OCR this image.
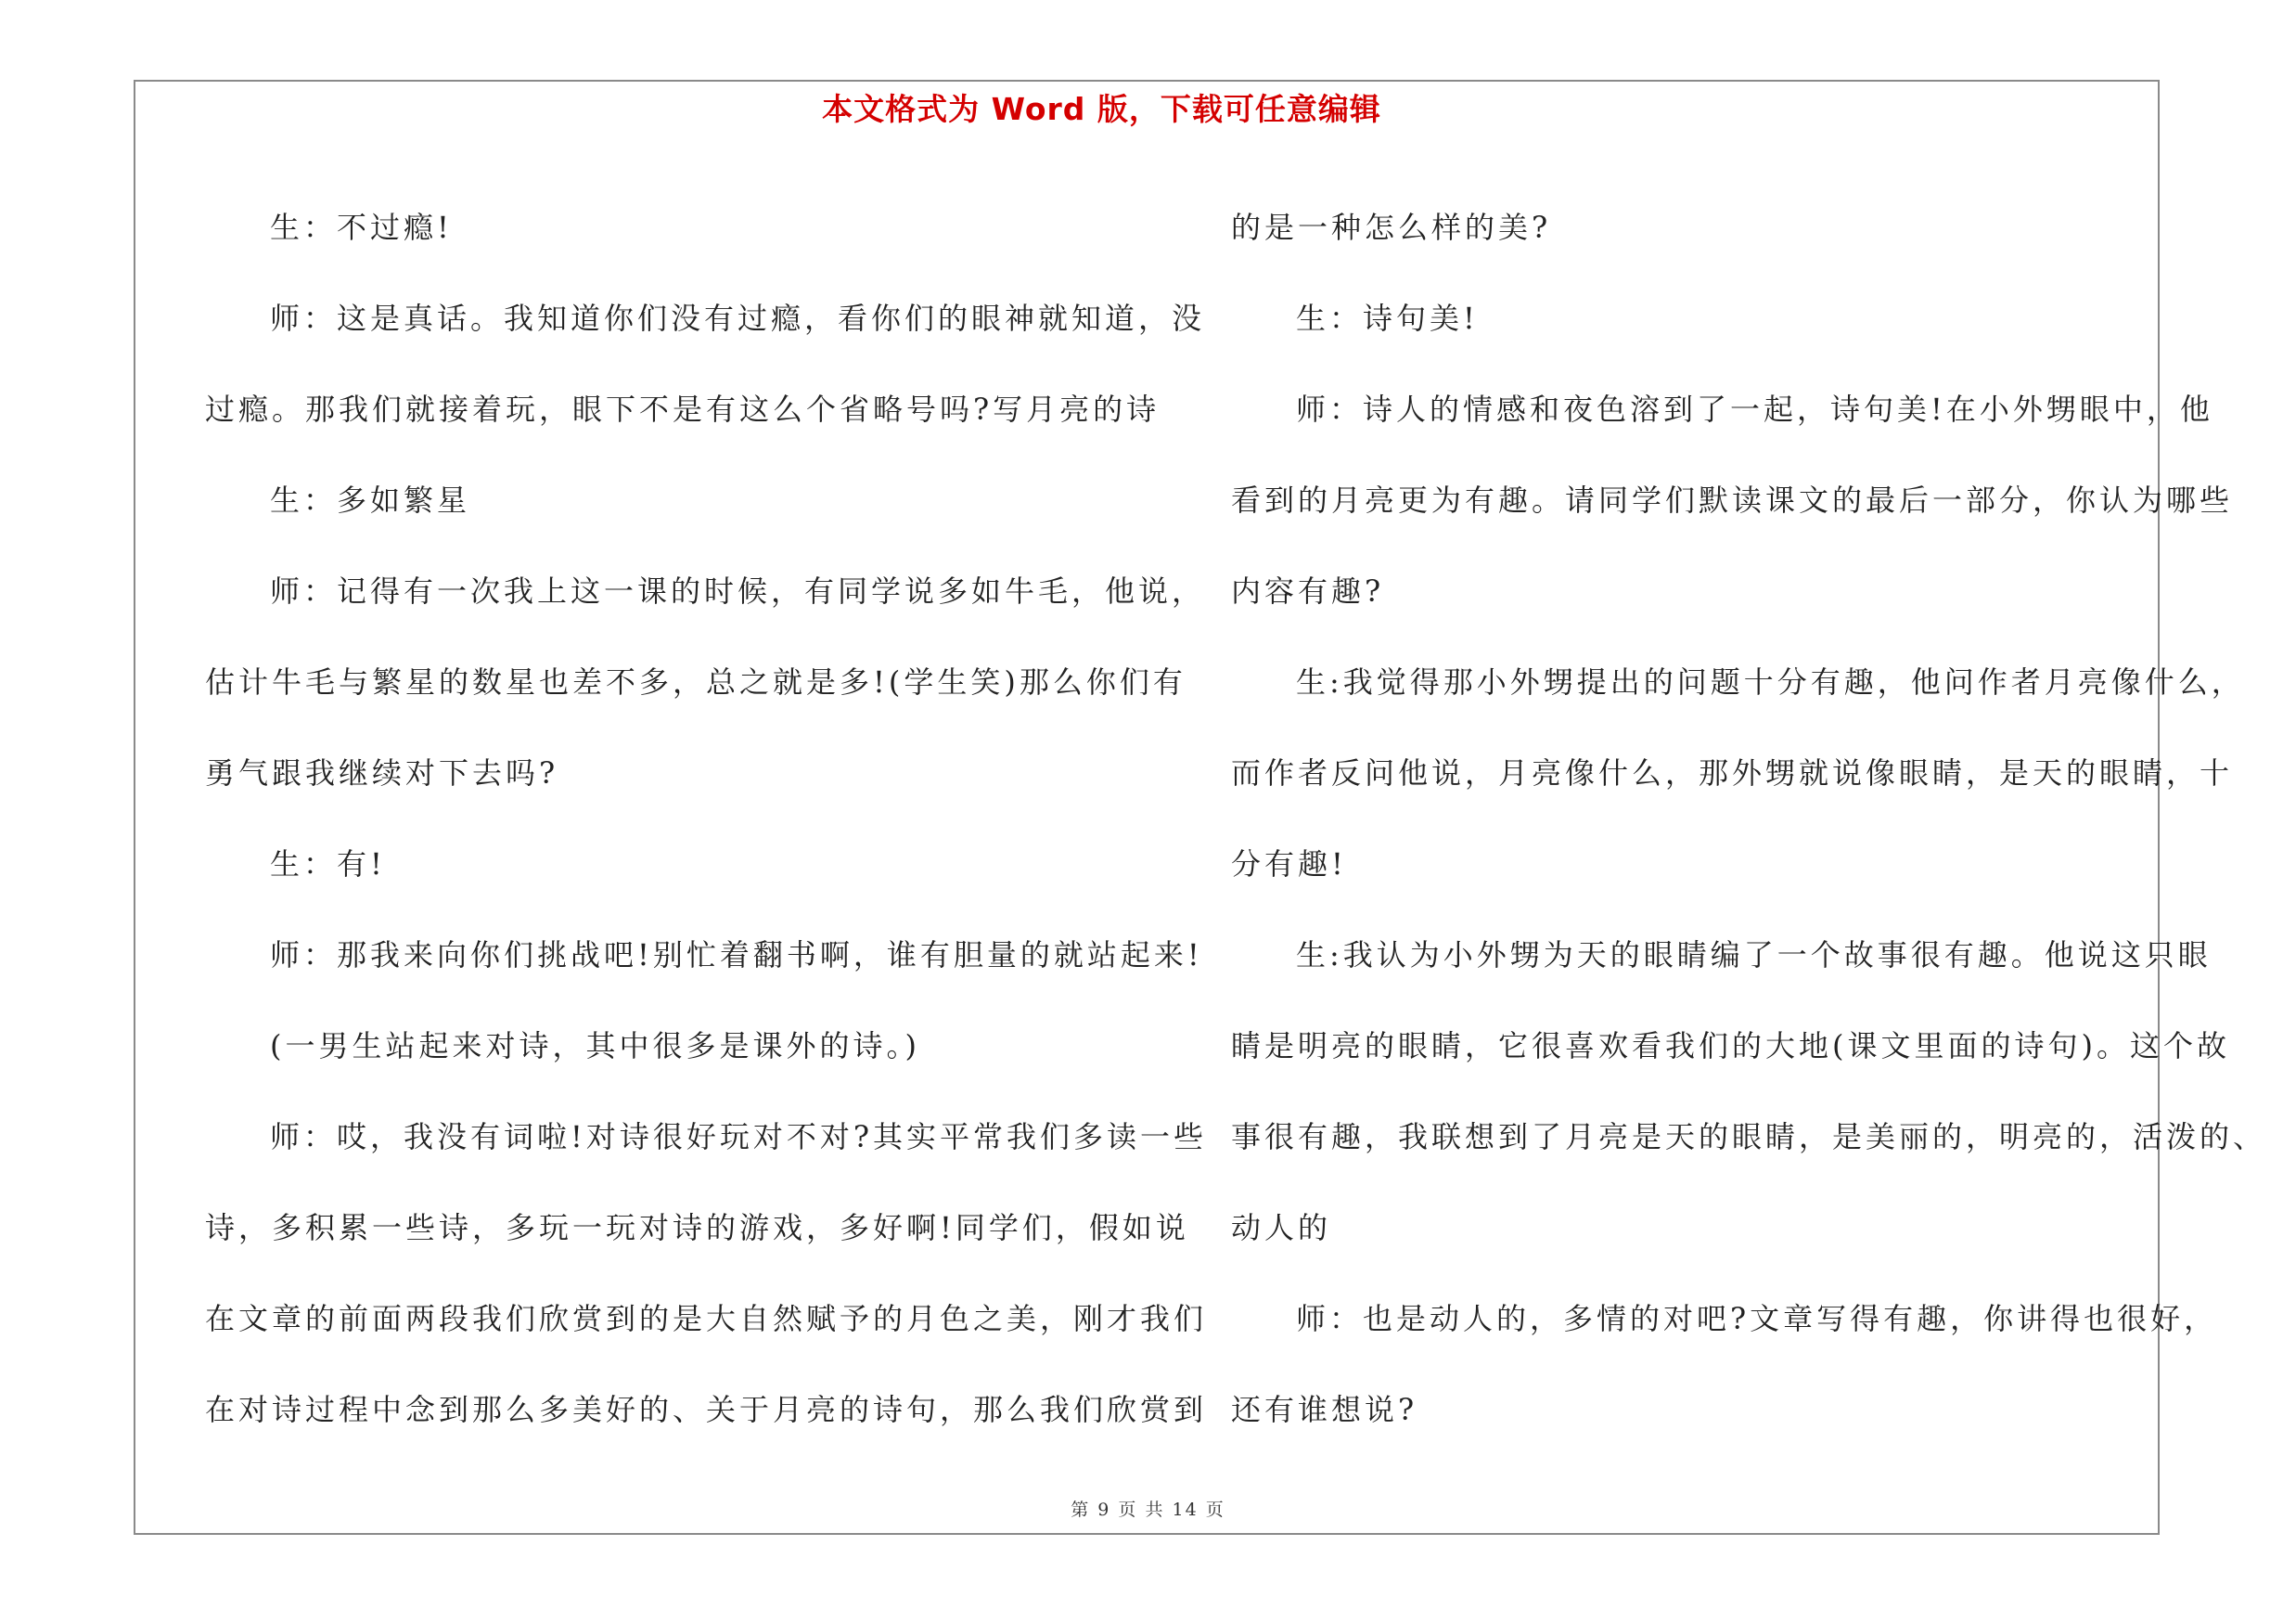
本文格式为 Word 版，下载可任意编辑
生：不过瘾!
师：这是真话。我知道你们没有过瘾，看你们的眼神就知道，没
过瘾。那我们就接着玩，眼下不是有这么个省略号吗?写月亮的诗
生：多如繁星
师：记得有一次我上这一课的时候，有同学说多如牛毛，他说，
估计牛毛与繁星的数星也差不多，总之就是多!(学生笑)那么你们有
勇气跟我继续对下去吗?
生：有!
师：那我来向你们挑战吧!别忙着翻书啊，谁有胆量的就站起来!
(一男生站起来对诗，其中很多是课外的诗。)
师：哎，我没有词啦!对诗很好玩对不对?其实平常我们多读一些
诗，多积累一些诗，多玩一玩对诗的游戏，多好啊!同学们，假如说
在文章的前面两段我们欣赏到的是大自然赋予的月色之美，刚才我们
在对诗过程中念到那么多美好的、关于月亮的诗句，那么我们欣赏到
的是一种怎么样的美?
生：诗句美!
师：诗人的情感和夜色溶到了一起，诗句美!在小外甥眼中，他
看到的月亮更为有趣。请同学们默读课文的最后一部分，你认为哪些
内容有趣?
生:我觉得那小外甥提出的问题十分有趣，他问作者月亮像什么，
而作者反问他说，月亮像什么，那外甥就说像眼睛，是天的眼睛，十
分有趣!
生:我认为小外甥为天的眼睛编了一个故事很有趣。他说这只眼
睛是明亮的眼睛，它很喜欢看我们的大地(课文里面的诗句)。这个故
事很有趣，我联想到了月亮是天的眼睛，是美丽的，明亮的，活泼的、
动人的
师：也是动人的，多情的对吧?文章写得有趣，你讲得也很好，
还有谁想说?
第 9 页 共 14 页
